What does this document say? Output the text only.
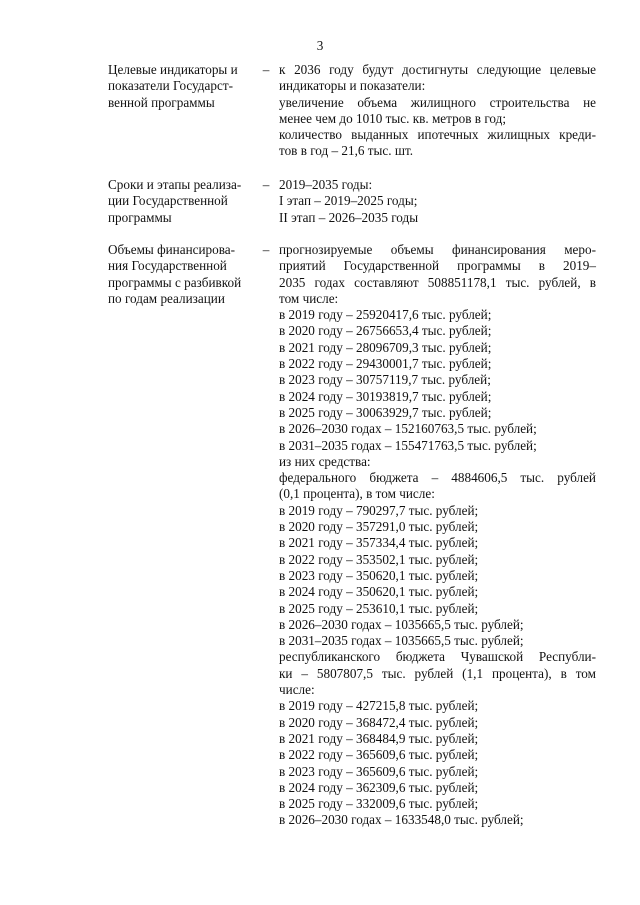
3
Целевые индикаторы и
показатели Государст-
венной программы
– к 2036 году будут достигнуты следующие целевые
индикаторы и показатели:
увеличение объема жилищного строительства не
менее чем до 1010 тыс. кв. метров в год;
количество выданных ипотечных жилищных креди-
тов в год – 21,6 тыс. шт.
Сроки и этапы реализа-
ции Государственной
программы
– 2019–2035 годы:
I этап – 2019–2025 годы;
II этап – 2026–2035 годы
Объемы финансирова-
ния Государственной
программы с разбивкой
по годам реализации
– прогнозируемые объемы финансирования меро-
приятий Государственной программы в 2019–
2035 годах составляют 508851178,1 тыс. рублей, в
том числе:
в 2019 году – 25920417,6 тыс. рублей;
в 2020 году – 26756653,4 тыс. рублей;
в 2021 году – 28096709,3 тыс. рублей;
в 2022 году – 29430001,7 тыс. рублей;
в 2023 году – 30757119,7 тыс. рублей;
в 2024 году – 30193819,7 тыс. рублей;
в 2025 году – 30063929,7 тыс. рублей;
в 2026–2030 годах – 152160763,5 тыс. рублей;
в 2031–2035 годах – 155471763,5 тыс. рублей;
из них средства:
федерального бюджета – 4884606,5 тыс. рублей
(0,1 процента), в том числе:
в 2019 году – 790297,7 тыс. рублей;
в 2020 году – 357291,0 тыс. рублей;
в 2021 году – 357334,4 тыс. рублей;
в 2022 году – 353502,1 тыс. рублей;
в 2023 году – 350620,1 тыс. рублей;
в 2024 году – 350620,1 тыс. рублей;
в 2025 году – 253610,1 тыс. рублей;
в 2026–2030 годах – 1035665,5 тыс. рублей;
в 2031–2035 годах – 1035665,5 тыс. рублей;
республиканского бюджета Чувашской Республи-
ки – 5807807,5 тыс. рублей (1,1 процента), в том
числе:
в 2019 году – 427215,8 тыс. рублей;
в 2020 году – 368472,4 тыс. рублей;
в 2021 году – 368484,9 тыс. рублей;
в 2022 году – 365609,6 тыс. рублей;
в 2023 году – 365609,6 тыс. рублей;
в 2024 году – 362309,6 тыс. рублей;
в 2025 году – 332009,6 тыс. рублей;
в 2026–2030 годах – 1633548,0 тыс. рублей;
